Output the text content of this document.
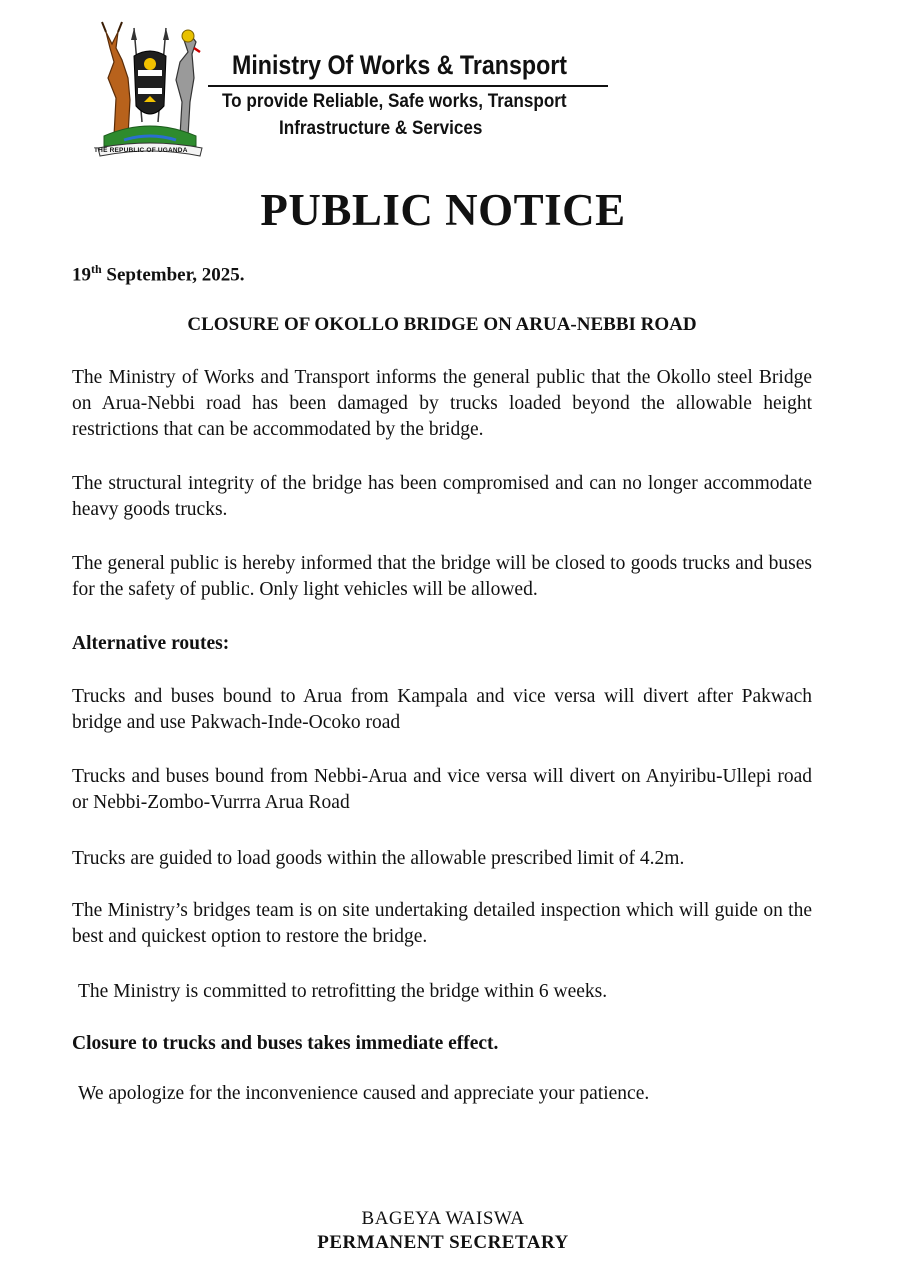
THE REPUBLIC OF UGANDA
Ministry Of Works & Transport
To provide Reliable, Safe works, Transport
Infrastructure & Services
PUBLIC NOTICE
19th September, 2025.
CLOSURE OF OKOLLO BRIDGE ON ARUA-NEBBI ROAD
The Ministry of Works and Transport informs the general public that the Okollo steel Bridge on Arua-Nebbi road has been damaged by trucks loaded beyond the allowable height restrictions that can be accommodated by the bridge.
The structural integrity of the bridge has been compromised and can no longer accommodate heavy goods trucks.
The general public is hereby informed that the bridge will be closed to goods trucks and buses for the safety of public. Only light vehicles will be allowed.
Alternative routes:
Trucks and buses bound to Arua from Kampala and vice versa will divert after Pakwach bridge and use Pakwach-Inde-Ocoko road
Trucks and buses bound from Nebbi-Arua and vice versa will divert on Anyiribu-Ullepi road or Nebbi-Zombo-Vurrra Arua Road
Trucks are guided to load goods within the allowable prescribed limit of 4.2m.
The Ministry’s bridges team is on site undertaking detailed inspection which will guide on the best and quickest option to restore the bridge.
The Ministry is committed to retrofitting the bridge within 6 weeks.
Closure to trucks and buses takes immediate effect.
We apologize for the inconvenience caused and appreciate your patience.
BAGEYA WAISWA
PERMANENT SECRETARY
